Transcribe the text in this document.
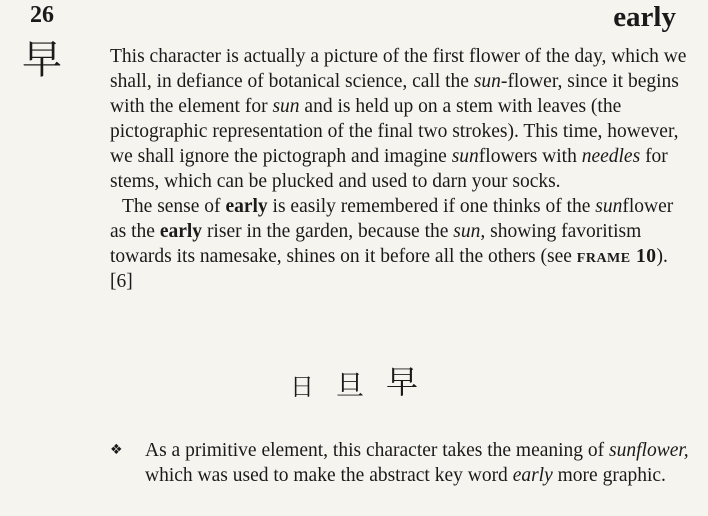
26	early
早 This character is actually a picture of the first flower of the day, which we shall, in defiance of botanical science, call the sun-flower, since it begins with the element for sun and is held up on a stem with leaves (the pictographic representation of the final two strokes). This time, however, we shall ignore the pictograph and imagine sunflowers with needles for stems, which can be plucked and used to darn your socks.

The sense of early is easily remembered if one thinks of the sunflower as the early riser in the garden, because the sun, showing favoritism towards its namesake, shines on it before all the others (see frame 10). [6]

日 旦 早
❖ As a primitive element, this character takes the meaning of sunflower, which was used to make the abstract key word early more graphic.
